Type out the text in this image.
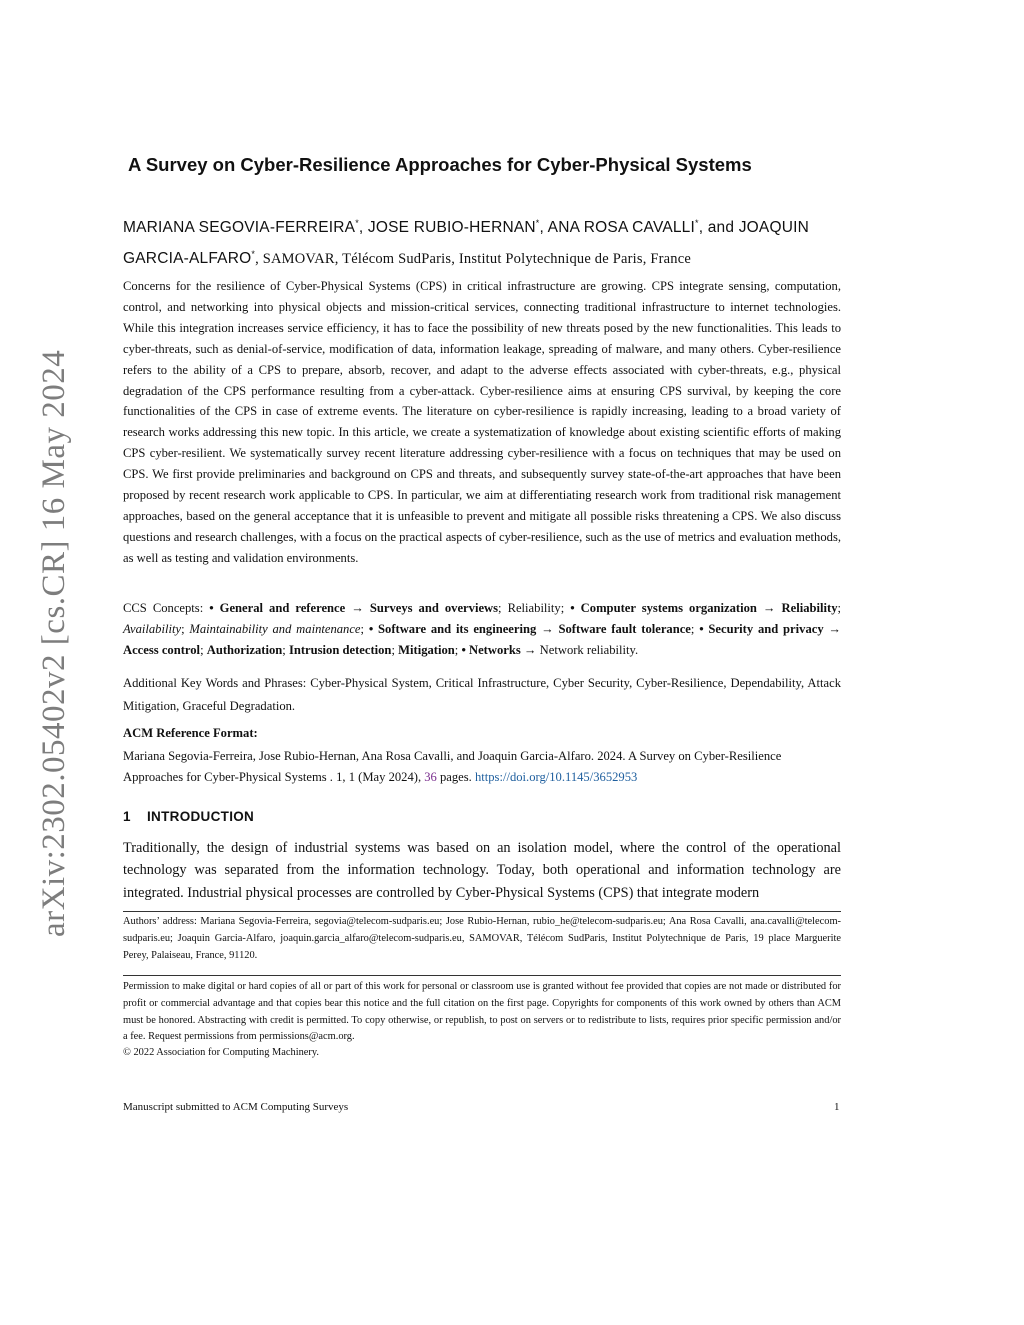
arXiv:2302.05402v2 [cs.CR] 16 May 2024
A Survey on Cyber-Resilience Approaches for Cyber-Physical Systems
MARIANA SEGOVIA-FERREIRA*, JOSE RUBIO-HERNAN*, ANA ROSA CAVALLI*, and JOAQUIN
GARCIA-ALFARO*, SAMOVAR, Télécom SudParis, Institut Polytechnique de Paris, France

Concerns for the resilience of Cyber-Physical Systems (CPS) in critical infrastructure are growing. CPS integrate sensing, computation, control, and networking into physical objects and mission-critical services, connecting traditional infrastructure to internet technologies. While this integration increases service efficiency, it has to face the possibility of new threats posed by the new functionalities. This leads to cyber-threats, such as denial-of-service, modification of data, information leakage, spreading of malware, and many others. Cyber-resilience refers to the ability of a CPS to prepare, absorb, recover, and adapt to the adverse effects associated with cyber-threats, e.g., physical degradation of the CPS performance resulting from a cyber-attack. Cyber-resilience aims at ensuring CPS survival, by keeping the core functionalities of the CPS in case of extreme events. The literature on cyber-resilience is rapidly increasing, leading to a broad variety of research works addressing this new topic. In this article, we create a systematization of knowledge about existing scientific efforts of making CPS cyber-resilient. We systematically survey recent literature addressing cyber-resilience with a focus on techniques that may be used on CPS. We first provide preliminaries and background on CPS and threats, and subsequently survey state-of-the-art approaches that have been proposed by recent research work applicable to CPS. In particular, we aim at differentiating research work from traditional risk management approaches, based on the general acceptance that it is unfeasible to prevent and mitigate all possible risks threatening a CPS. We also discuss questions and research challenges, with a focus on the practical aspects of cyber-resilience, such as the use of metrics and evaluation methods, as well as testing and validation environments.

CCS Concepts: • General and reference → Surveys and overviews; Reliability; • Computer systems organization → Reliability; Availability; Maintainability and maintenance; • Software and its engineering → Software fault tolerance; • Security and privacy → Access control; Authorization; Intrusion detection; Mitigation; • Networks → Network reliability.

Additional Key Words and Phrases: Cyber-Physical System, Critical Infrastructure, Cyber Security, Cyber-Resilience, Dependability, Attack Mitigation, Graceful Degradation.

ACM Reference Format:

Mariana Segovia-Ferreira, Jose Rubio-Hernan, Ana Rosa Cavalli, and Joaquin Garcia-Alfaro. 2024. A Survey on Cyber-Resilience Approaches for Cyber-Physical Systems . 1, 1 (May 2024), 36 pages. https://doi.org/10.1145/3652953

1 INTRODUCTION

Traditionally, the design of industrial systems was based on an isolation model, where the control of the operational technology was separated from the information technology. Today, both operational and information technology are integrated. Industrial physical processes are controlled by Cyber-Physical Systems (CPS) that integrate modern

Authors’ address: Mariana Segovia-Ferreira, segovia@telecom-sudparis.eu; Jose Rubio-Hernan, rubio_he@telecom-sudparis.eu; Ana Rosa Cavalli, ana.cavalli@telecom-sudparis.eu; Joaquin Garcia-Alfaro, joaquin.garcia_alfaro@telecom-sudparis.eu, SAMOVAR, Télécom SudParis, Institut Polytechnique de Paris, 19 place Marguerite Perey, Palaiseau, France, 91120.

Permission to make digital or hard copies of all or part of this work for personal or classroom use is granted without fee provided that copies are not made or distributed for profit or commercial advantage and that copies bear this notice and the full citation on the first page. Copyrights for components of this work owned by others than ACM must be honored. Abstracting with credit is permitted. To copy otherwise, or republish, to post on servers or to redistribute to lists, requires prior specific permission and/or a fee. Request permissions from permissions@acm.org.

© 2022 Association for Computing Machinery.
Manuscript submitted to ACM Computing Surveys	1
